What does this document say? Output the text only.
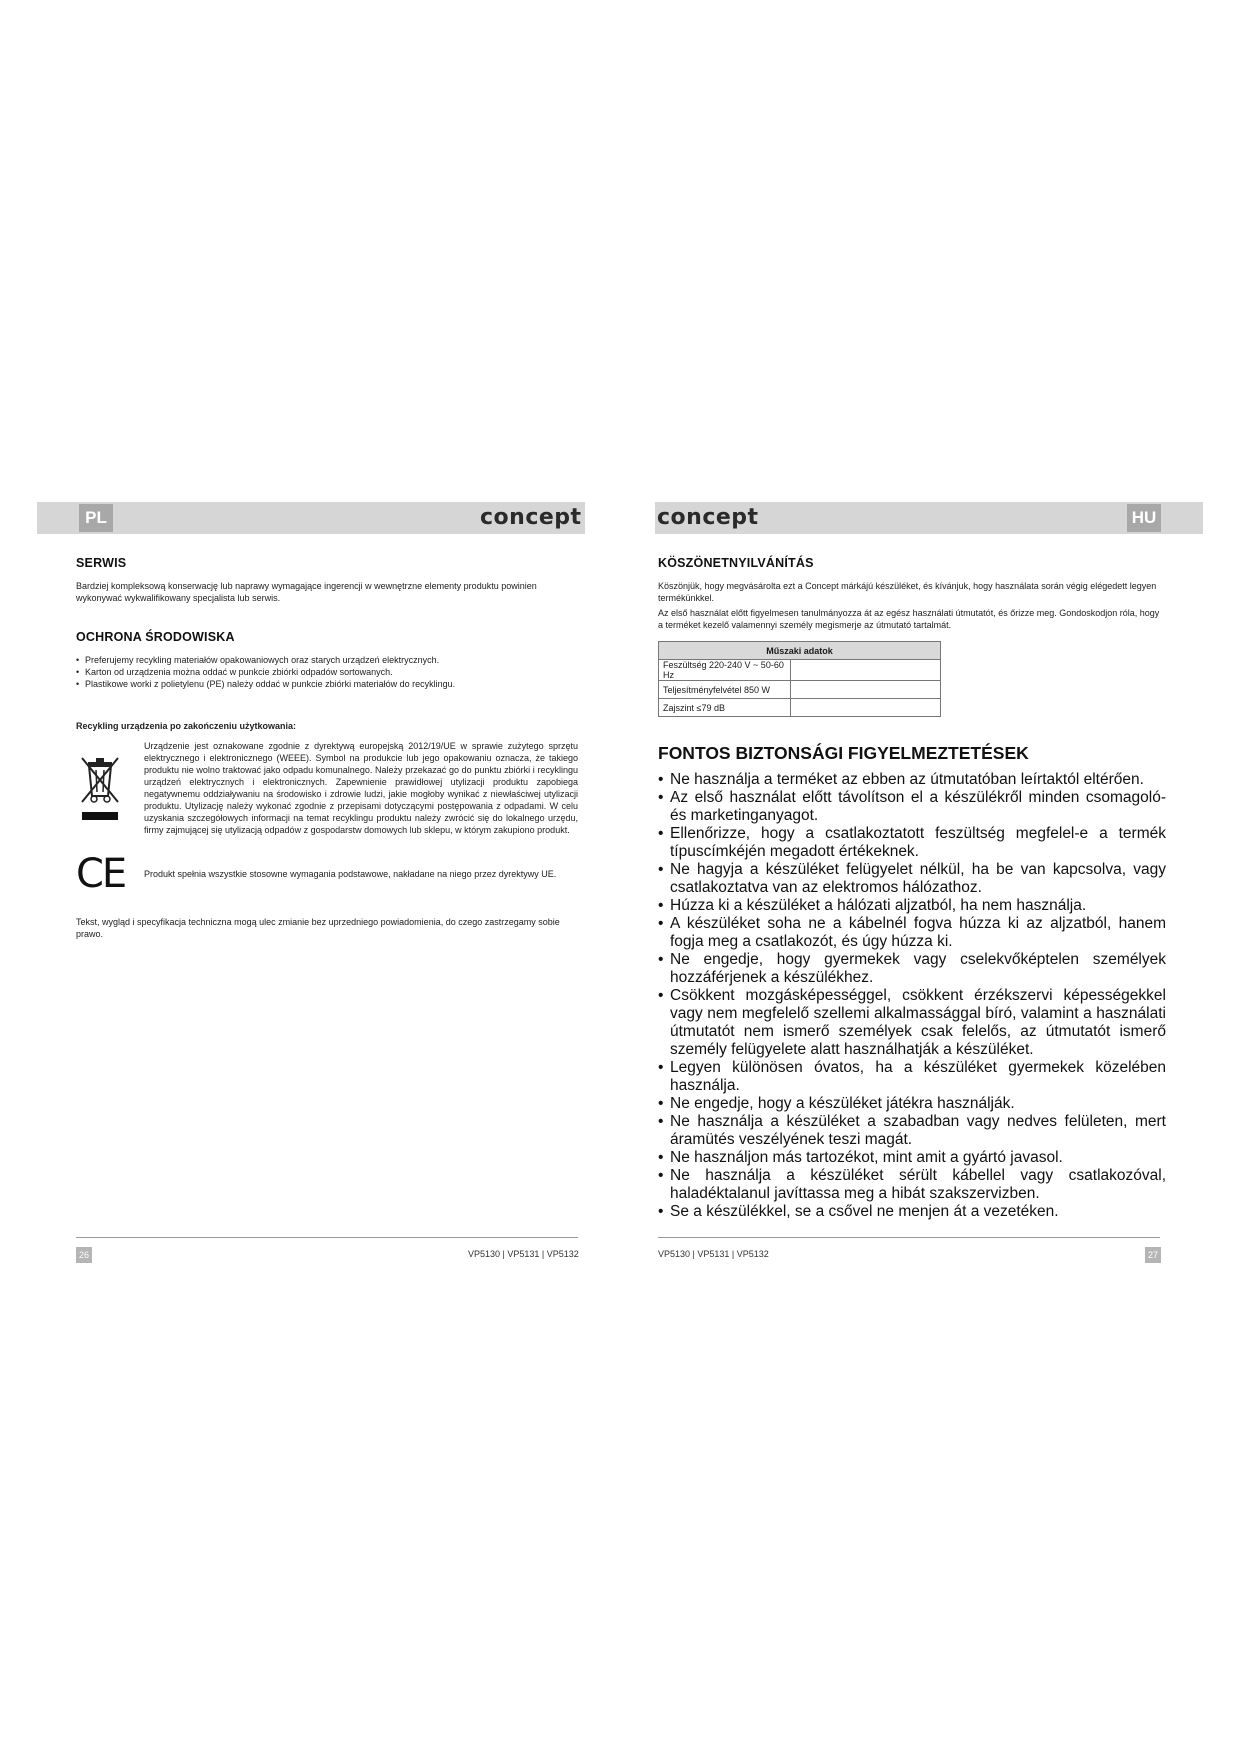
PL	HU
concept	concept
SERWIS

Bardziej kompleksową konserwację lub naprawy wymagające ingerencji w wewnętrzne elementy produktu powinien wykonywać wykwalifikowany specjalista lub serwis.

OCHRONA ŚRODOWISKA
• Preferujemy recykling materiałów opakowaniowych oraz starych urządzeń elektrycznych.
• Karton od urządzenia można oddać w punkcie zbiórki odpadów sortowanych.
• Plastikowe worki z polietylenu (PE) należy oddać w punkcie zbiórki materiałów do recyklingu.

Recykling urządzenia po zakończeniu użytkowania:

Urządzenie jest oznakowane zgodnie z dyrektywą europejską 2012/19/UE w sprawie zużytego sprzętu elektrycznego i elektronicznego (WEEE). Symbol na produkcie lub jego opakowaniu oznacza, że takiego produktu nie wolno traktować jako odpadu komunalnego. Należy przekazać go do punktu zbiórki i recyklingu urządzeń elektrycznych i elektronicznych. Zapewnienie prawidłowej utylizacji produktu zapobiega negatywnemu oddziaływaniu na środowisko i zdrowie ludzi, jakie mogłoby wynikać z niewłaściwej utylizacji produktu. Utylizację należy wykonać zgodnie z przepisami dotyczącymi postępowania z odpadami. W celu uzyskania szczegółowych informacji na temat recyklingu produktu należy zwrócić się do lokalnego urzędu, firmy zajmującej się utylizacją odpadów z gospodarstw domowych lub sklepu, w którym zakupiono produkt.

CE	Produkt spełnia wszystkie stosowne wymagania podstawowe, nakładane na niego przez dyrektywy UE.

Tekst, wygląd i specyfikacja techniczna mogą ulec zmianie bez uprzedniego powiadomienia, do czego zastrzegamy sobie prawo.

KÖSZÖNETNYILVÁNÍTÁS

Köszönjük, hogy megvásárolta ezt a Concept márkájú készüléket, és kívánjuk, hogy használata során végig elégedett legyen termékünkkel.

Az első használat előtt figyelmesen tanulmányozza át az egész használati útmutatót, és őrizze meg. Gondoskodjon róla, hogy a terméket kezelő valamennyi személy megismerje az útmutató tartalmát.

Műszaki adatok	
Feszültség 220-240 V ~ 50-60 Hz	
Teljesítményfelvétel 850 W	
Zajszint ≤79 dB	
FONTOS BIZTONSÁGI FIGYELMEZTETÉSEK
• Ne használja a terméket az ebben az útmutatóban leírtaktól eltérően.
• Az első használat előtt távolítson el a készülékről minden csomagoló- és marketinganyagot.
• Ellenőrizze, hogy a csatlakoztatott feszültség megfelel-e a termék típuscímkéjén megadott értékeknek.
• Ne hagyja a készüléket felügyelet nélkül, ha be van kapcsolva, vagy csatlakoztatva van az elektromos hálózathoz.
• Húzza ki a készüléket a hálózati aljzatból, ha nem használja.
• A készüléket soha ne a kábelnél fogva húzza ki az aljzatból, hanem fogja meg a csatlakozót, és úgy húzza ki.
• Ne engedje, hogy gyermekek vagy cselekvőképtelen személyek hozzáférjenek a készülékhez.
• Csökkent mozgásképességgel, csökkent érzékszervi képességekkel vagy nem megfelelő szellemi alkalmassággal bíró, valamint a használati útmutatót nem ismerő személyek csak felelős, az útmutatót ismerő személy felügyelete alatt használhatják a készüléket.
• Legyen különösen óvatos, ha a készüléket gyermekek közelében használja.
• Ne engedje, hogy a készüléket játékra használják.
• Ne használja a készüléket a szabadban vagy nedves felületen, mert áramütés veszélyének teszi magát.
• Ne használjon más tartozékot, mint amit a gyártó javasol.
• Ne használja a készüléket sérült kábellel vagy csatlakozóval, haladéktalanul javíttassa meg a hibát szakszervizben.
• Se a készülékkel, se a csővel ne menjen át a vezetéken.
26	27
VP5130 | VP5131 | VP5132	VP5130 | VP5131 | VP5132
